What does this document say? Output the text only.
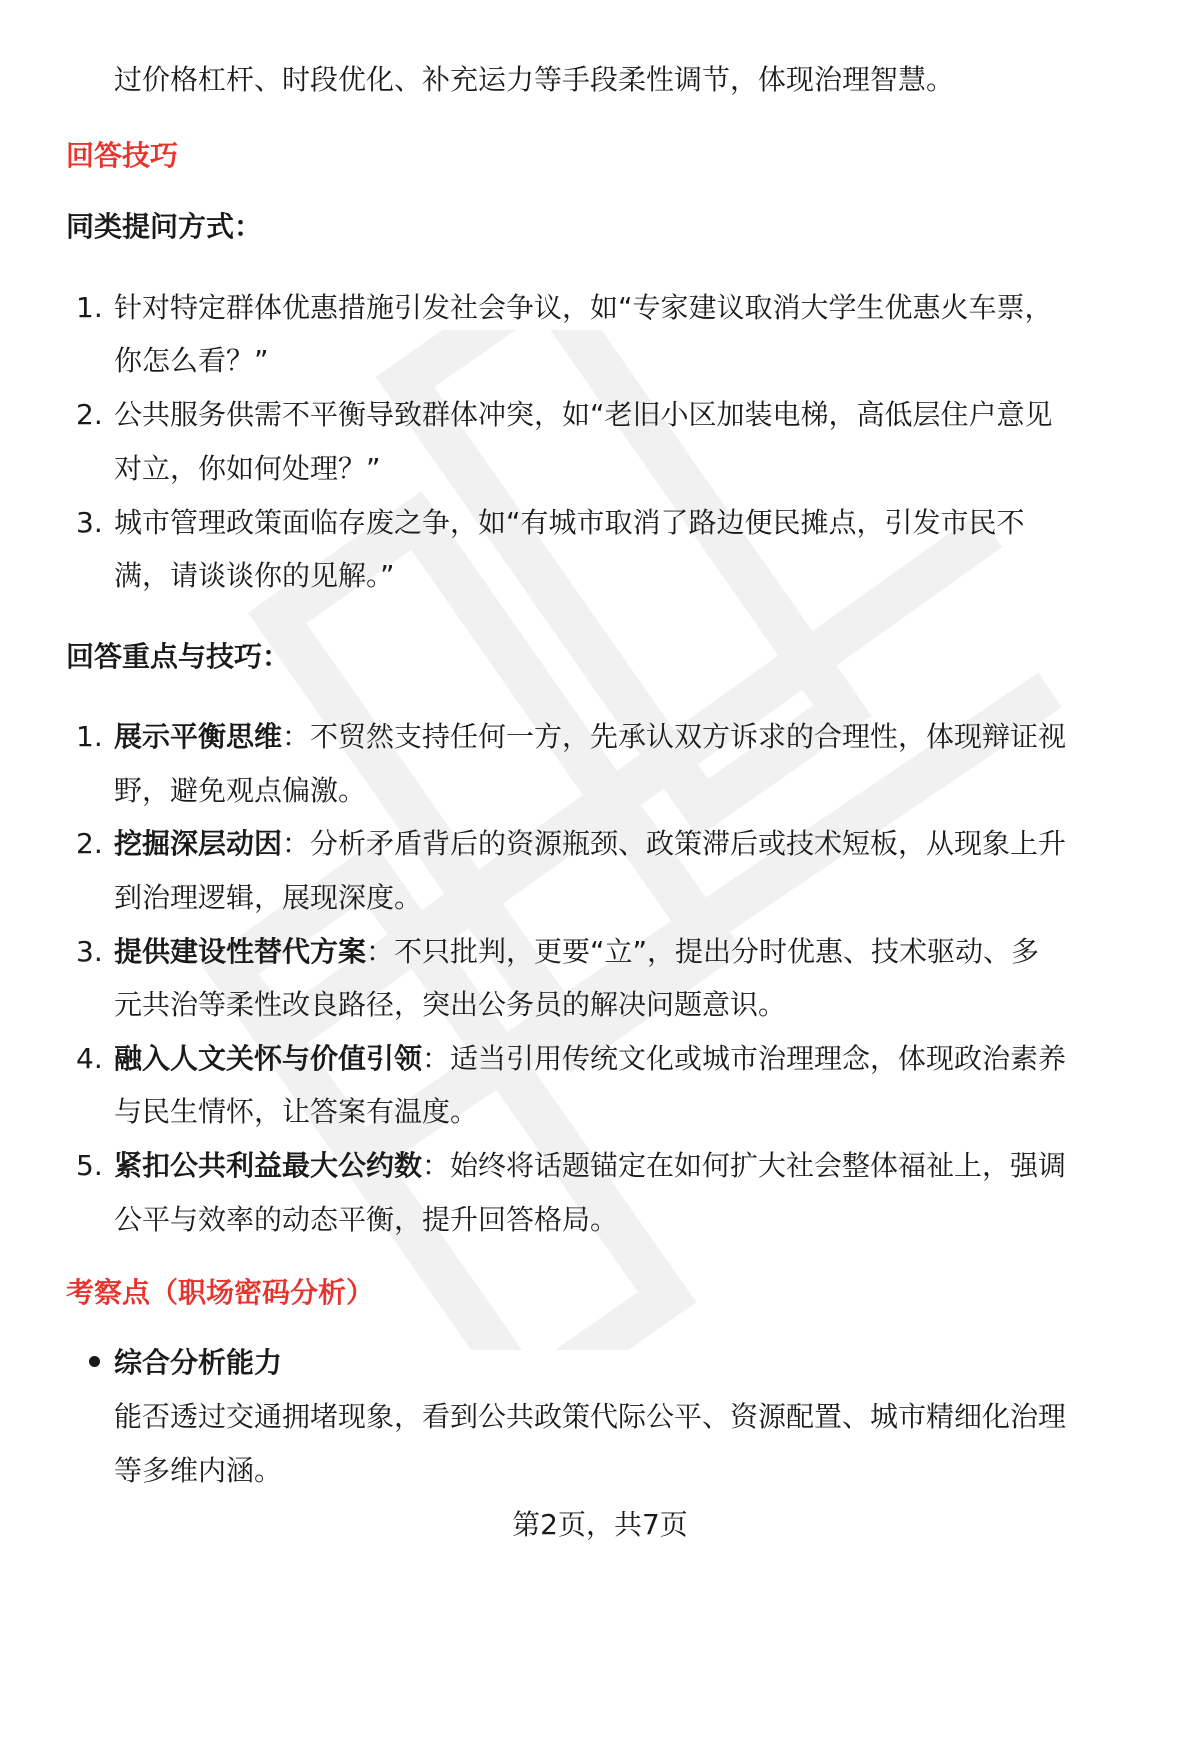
过价格杠杆、时段优化、补充运力等手段柔性调节，体现治理智慧。
回答技巧
同类提问方式：
1. 针对特定群体优惠措施引发社会争议，如“专家建议取消大学生优惠火车票，
你怎么看？”
2. 公共服务供需不平衡导致群体冲突，如“老旧小区加装电梯，高低层住户意见
对立，你如何处理？”
3. 城市管理政策面临存废之争，如“有城市取消了路边便民摊点，引发市民不
满，请谈谈你的见解。”
回答重点与技巧：
1. 展示平衡思维：不贸然支持任何一方，先承认双方诉求的合理性，体现辩证视
野，避免观点偏激。
2. 挖掘深层动因：分析矛盾背后的资源瓶颈、政策滞后或技术短板，从现象上升
到治理逻辑，展现深度。
3. 提供建设性替代方案：不只批判，更要“立”，提出分时优惠、技术驱动、多
元共治等柔性改良路径，突出公务员的解决问题意识。
4. 融入人文关怀与价值引领：适当引用传统文化或城市治理理念，体现政治素养
与民生情怀，让答案有温度。
5. 紧扣公共利益最大公约数：始终将话题锚定在如何扩大社会整体福祉上，强调
公平与效率的动态平衡，提升回答格局。
考察点（职场密码分析）
综合分析能力
能否透过交通拥堵现象，看到公共政策代际公平、资源配置、城市精细化治理
等多维内涵。
第2页，共7页
